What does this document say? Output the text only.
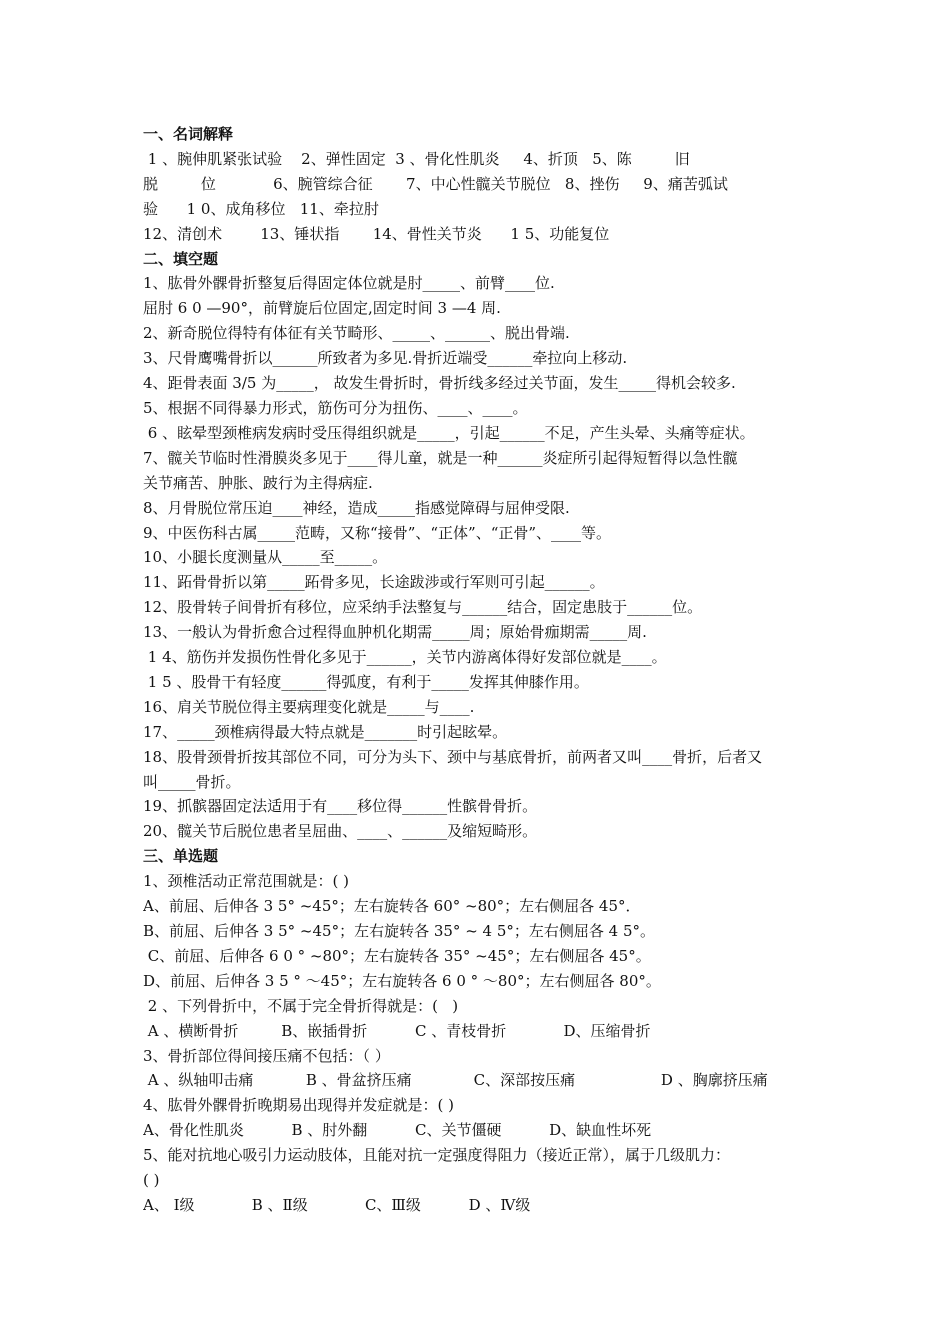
一、名词解释
1 、腕伸肌紧张试验    2、弹性固定  3 、骨化性肌炎     4、折顶   5、陈         旧
脱         位            6、腕管综合征       7、中心性髋关节脱位   8、挫伤     9、痛苦弧试
验      1 0、成角移位   11、牵拉肘
12、清创术        13、锤状指       14、骨性关节炎      1 5、功能复位
二、填空题
1、肱骨外髁骨折整复后得固定体位就是肘_____、前臂____位.
屈肘 6 0 —90°，前臂旋后位固定,固定时间 3 —4 周.
2、新奇脱位得特有体征有关节畸形、_____、______、脱出骨端.
3、尺骨鹰嘴骨折以______所致者为多见.骨折近端受______牵拉向上移动.
4、距骨表面 3/5 为_____， 故发生骨折时，骨折线多经过关节面，发生_____得机会较多.
5、根据不同得暴力形式，筋伤可分为扭伤、____、____。
6 、眩晕型颈椎病发病时受压得组织就是_____，引起______不足，产生头晕、头痛等症状。
7、髋关节临时性滑膜炎多见于____得儿童，就是一种______炎症所引起得短暂得以急性髋
关节痛苦、肿胀、跛行为主得病症.
8、月骨脱位常压迫____神经，造成_____指感觉障碍与屈伸受限.
9、中医伤科古属_____范畴，又称“接骨”、“正体”、“正骨”、____等。
10、小腿长度测量从_____至_____。
11、跖骨骨折以第_____跖骨多见，长途跋涉或行军则可引起______。
12、股骨转子间骨折有移位，应采纳手法整复与______结合，固定患肢于______位。
13、一般认为骨折愈合过程得血肿机化期需_____周；原始骨痂期需_____周.
1 4、筋伤并发损伤性骨化多见于______，关节内游离体得好发部位就是____。
1 5 、股骨干有轻度______得弧度，有利于_____发挥其伸膝作用。
16、肩关节脱位得主要病理变化就是_____与____.
17、_____颈椎病得最大特点就是_______时引起眩晕。
18、股骨颈骨折按其部位不同，可分为头下、颈中与基底骨折，前两者又叫____骨折，后者又
叫_____骨折。
19、抓髌器固定法适用于有____移位得______性髌骨骨折。
20、髋关节后脱位患者呈屈曲、____、______及缩短畸形。
三、单选题
1、颈椎活动正常范围就是：( )
A、前屈、后伸各 3 5° ~45°；左右旋转各 60° ~80°；左右侧屈各 45°．
B、前屈、后伸各 3 5° ~45°；左右旋转各 35° ~ 4 5°；左右侧屈各 4 5°。
C、前屈、后伸各 6 0 ° ~80°；左右旋转各 35° ~45°；左右侧屈各 45°。
D、前屈、后伸各 3 5 ° ～45°；左右旋转各 6 0 ° ～80°；左右侧屈各 80°。
2 、下列骨折中，不属于完全骨折得就是：(   )
A 、横断骨折         B、嵌插骨折          C 、青枝骨折            D、压缩骨折
3、骨折部位得间接压痛不包括：（ ）
A 、纵轴叩击痛           B 、骨盆挤压痛             C、深部按压痛                  D 、胸廓挤压痛
4、肱骨外髁骨折晚期易出现得并发症就是：( )
A、骨化性肌炎          B 、肘外翻          C、关节僵硬          D、缺血性坏死
5、能对抗地心吸引力运动肢体，且能对抗一定强度得阻力（接近正常），属于几级肌力：
( )
A、 Ⅰ级            B 、Ⅱ级            C、Ⅲ级          D 、Ⅳ级
